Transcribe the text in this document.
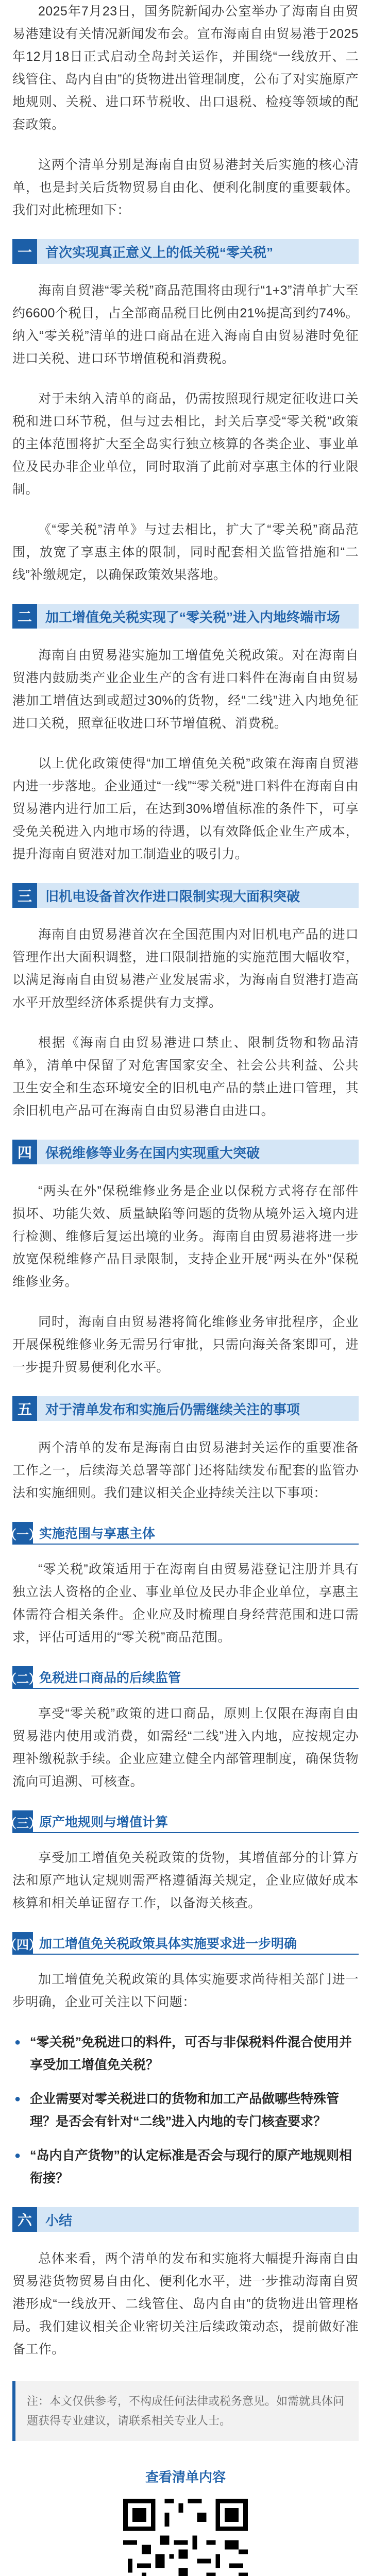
2025年7月23日，国务院新闻办公室举办了海南自由贸易港建设有关情况新闻发布会。宣布海南自由贸易港于2025年12月18日正式启动全岛封关运作，并围绕“一线放开、二线管住、岛内自由”的货物进出管理制度，公布了对实施原产地规则、关税、进口环节税收、出口退税、检疫等领域的配套政策。

这两个清单分别是海南自由贸易港封关后实施的核心清单，也是封关后货物贸易自由化、便利化制度的重要载体。我们对此梳理如下：

一	首次实现真正意义上的低关税“零关税”

海南自贸港“零关税”商品范围将由现行“1+3”清单扩大至约6600个税目，占全部商品税目比例由21%提高到约74%。纳入“零关税”清单的进口商品在进入海南自由贸易港时免征进口关税、进口环节增值税和消费税。

对于未纳入清单的商品，仍需按照现行规定征收进口关税和进口环节税，但与过去相比，封关后享受“零关税”政策的主体范围将扩大至全岛实行独立核算的各类企业、事业单位及民办非企业单位，同时取消了此前对享惠主体的行业限制。

《“零关税”清单》与过去相比，扩大了“零关税”商品范围，放宽了享惠主体的限制，同时配套相关监管措施和“二线”补缴规定，以确保政策效果落地。

二	加工增值免关税实现了“零关税”进入内地终端市场

海南自由贸易港实施加工增值免关税政策。对在海南自贸港内鼓励类产业企业生产的含有进口料件在海南自由贸易港加工增值达到或超过30%的货物，经“二线”进入内地免征进口关税，照章征收进口环节增值税、消费税。

以上优化政策使得“加工增值免关税”政策在海南自贸港内进一步落地。企业通过“一线”“零关税”进口料件在海南自由贸易港内进行加工后，在达到30%增值标准的条件下，可享受免关税进入内地市场的待遇，以有效降低企业生产成本，提升海南自贸港对加工制造业的吸引力。

三	旧机电设备首次作进口限制实现大面积突破

海南自由贸易港首次在全国范围内对旧机电产品的进口管理作出大面积调整，进口限制措施的实施范围大幅收窄，以满足海南自由贸易港产业发展需求，为海南自贸港打造高水平开放型经济体系提供有力支撑。

根据《海南自由贸易港进口禁止、限制货物和物品清单》，清单中保留了对危害国家安全、社会公共利益、公共卫生安全和生态环境安全的旧机电产品的禁止进口管理，其余旧机电产品可在海南自由贸易港自由进口。

四	保税维修等业务在国内实现重大突破

“两头在外”保税维修业务是企业以保税方式将存在部件损坏、功能失效、质量缺陷等问题的货物从境外运入境内进行检测、维修后复运出境的业务。海南自由贸易港将进一步放宽保税维修产品目录限制，支持企业开展“两头在外”保税维修业务。

同时，海南自由贸易港将简化维修业务审批程序，企业开展保税维修业务无需另行审批，只需向海关备案即可，进一步提升贸易便利化水平。

五	对于清单发布和实施后仍需继续关注的事项

两个清单的发布是海南自由贸易港封关运作的重要准备工作之一，后续海关总署等部门还将陆续发布配套的监管办法和实施细则。我们建议相关企业持续关注以下事项：

（一）
实施范围与享惠主体

“零关税”政策适用于在海南自由贸易港登记注册并具有独立法人资格的企业、事业单位及民办非企业单位，享惠主体需符合相关条件。企业应及时梳理自身经营范围和进口需求，评估可适用的“零关税”商品范围。

（二）
免税进口商品的后续监管

享受“零关税”政策的进口商品，原则上仅限在海南自由贸易港内使用或消费，如需经“二线”进入内地，应按规定办理补缴税款手续。企业应建立健全内部管理制度，确保货物流向可追溯、可核查。

（三）
原产地规则与增值计算

享受加工增值免关税政策的货物，其增值部分的计算方法和原产地认定规则需严格遵循海关规定，企业应做好成本核算和相关单证留存工作，以备海关核查。

（四）
加工增值免关税政策具体实施要求进一步明确

加工增值免关税政策的具体实施要求尚待相关部门进一步明确，企业可关注以下问题：

● “零关税”免税进口的料件，可否与非保税料件混合使用并享受加工增值免关税？
● 企业需要对零关税进口的货物和加工产品做哪些特殊管理？是否会有针对“二线”进入内地的专门核查要求？
● “岛内自产货物”的认定标准是否会与现行的原产地规则相衔接？
六	小结

总体来看，两个清单的发布和实施将大幅提升海南自由贸易港货物贸易自由化、便利化水平，进一步推动海南自贸港形成“一线放开、二线管住、岛内自由”的货物进出管理格局。我们建议相关企业密切关注后续政策动态，提前做好准备工作。

注：本文仅供参考，不构成任何法律或税务意见。如需就具体问题获得专业建议，请联系相关专业人士。
查看清单内容
